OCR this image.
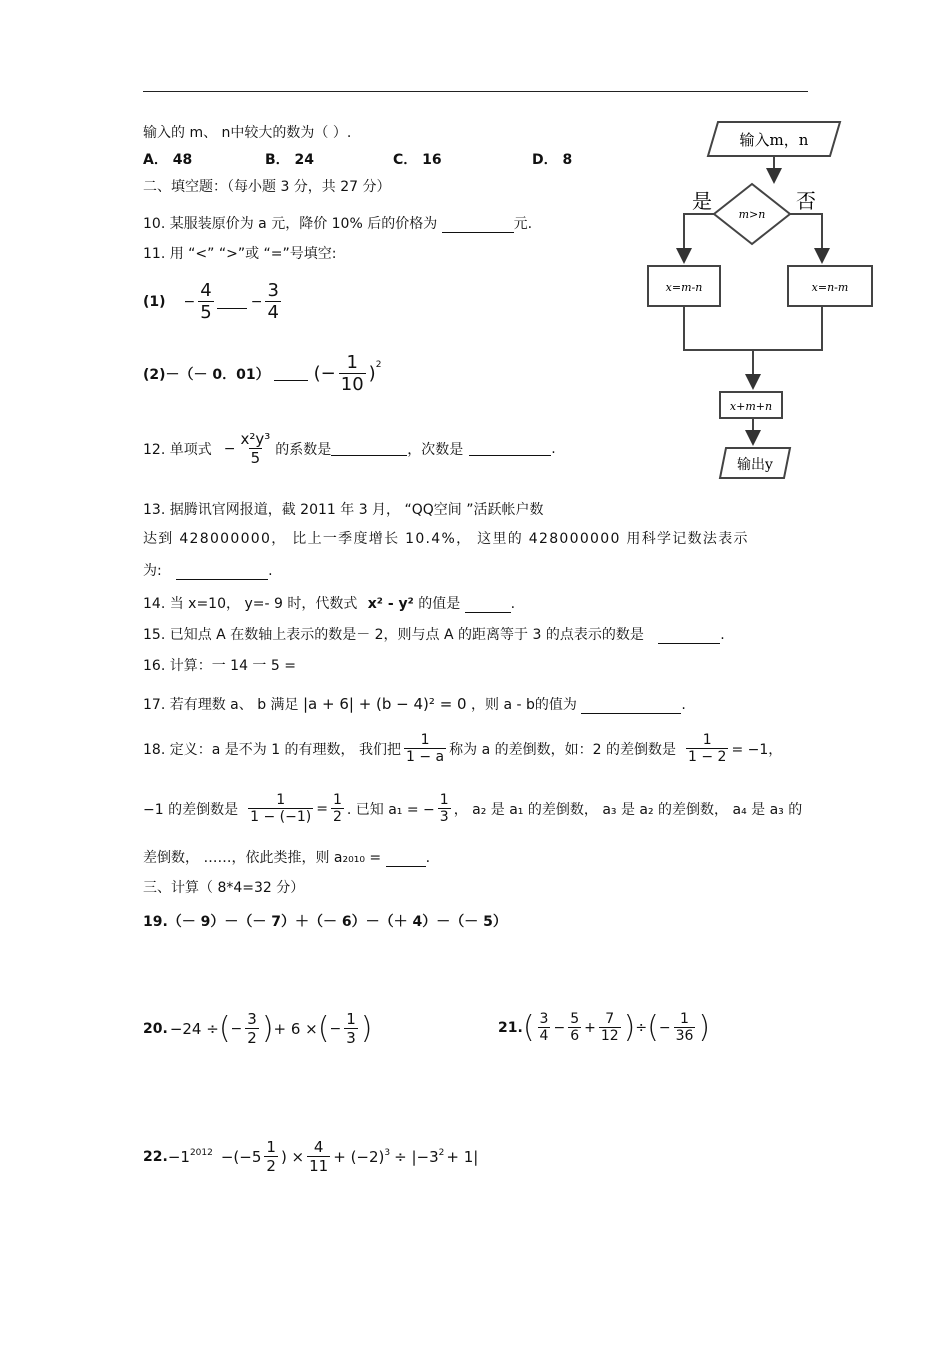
输入的 m、 n中较大的数为（ ）.
A． 48	B． 24	C． 16	D． 8
二、填空题：（每小题 3 分，共 27 分）
10. 某服装原价为 a 元，降价 10% 后的价格为	元.
11. 用 “<” “>”或 “=”号填空:
$(1) - \frac{4}{5}$	− $\frac{3}{4}$
(2)－（－ 0．01） (− $\frac{1}{10} )^2$
12. 单项式 − $\frac{\text{x²y³}}{5}$ 的系数是	，次数是	.
13. 据腾讯官网报道，截 2011 年 3 月， “QQ空间 ”活跃帐户数
达到 428000000， 比上一季度增长 10.4%， 这里的 428000000 用科学记数法表示
为:	.
14. 当 x=10， y=- 9 时，代数式 x² - y² 的值是	.
15. 已知点 A 在数轴上表示的数是－ 2，则与点 A 的距离等于 3 的点表示的数是	.
16. 计算：一 14 一 5 =
17. 若有理数 a、 b 满足 |a + 6| + (b − 4)² = 0 ，则 a - b的值为	.
18. 定义：a 是不为 1 的有理数， 我们把 $\frac{1}{1 - a}$ 称为 a 的差倒数，如：2 的差倒数是 $\frac{1}{1 - 2} = -1$，
−1 的差倒数是 $\frac{1}{1 - (-1)} = \frac{1}{2}$ . 已知 a₁ = − $\frac{1}{3}$ ， a₂ 是 a₁ 的差倒数， a₃ 是 a₂ 的差倒数， a₄ 是 a₃ 的
差倒数， ……，依此类推，则 a₂₀₁₀ =	.
三、计算（ 8*4=32 分）
19.（－ 9）－（－ 7）＋（－ 6）－（＋ 4）－（－ 5）
20. −24 ÷ ( − $\frac{3}{2}$ ) + 6 × ( − $\frac{1}{3}$ )	21. ( $\frac{3}{4} - \frac{5}{6} + \frac{7}{12}$ ) ÷ ( − $\frac{1}{36}$ )
22. $-1^{2012} -(-5 \frac{1}{2}$ ) × $\frac{4}{11} + (-2)^3 \div |-3^2 + 1|$
输入m，n
m>n
是	否
x=m-n	x=n-m
x+m+n
输出y
